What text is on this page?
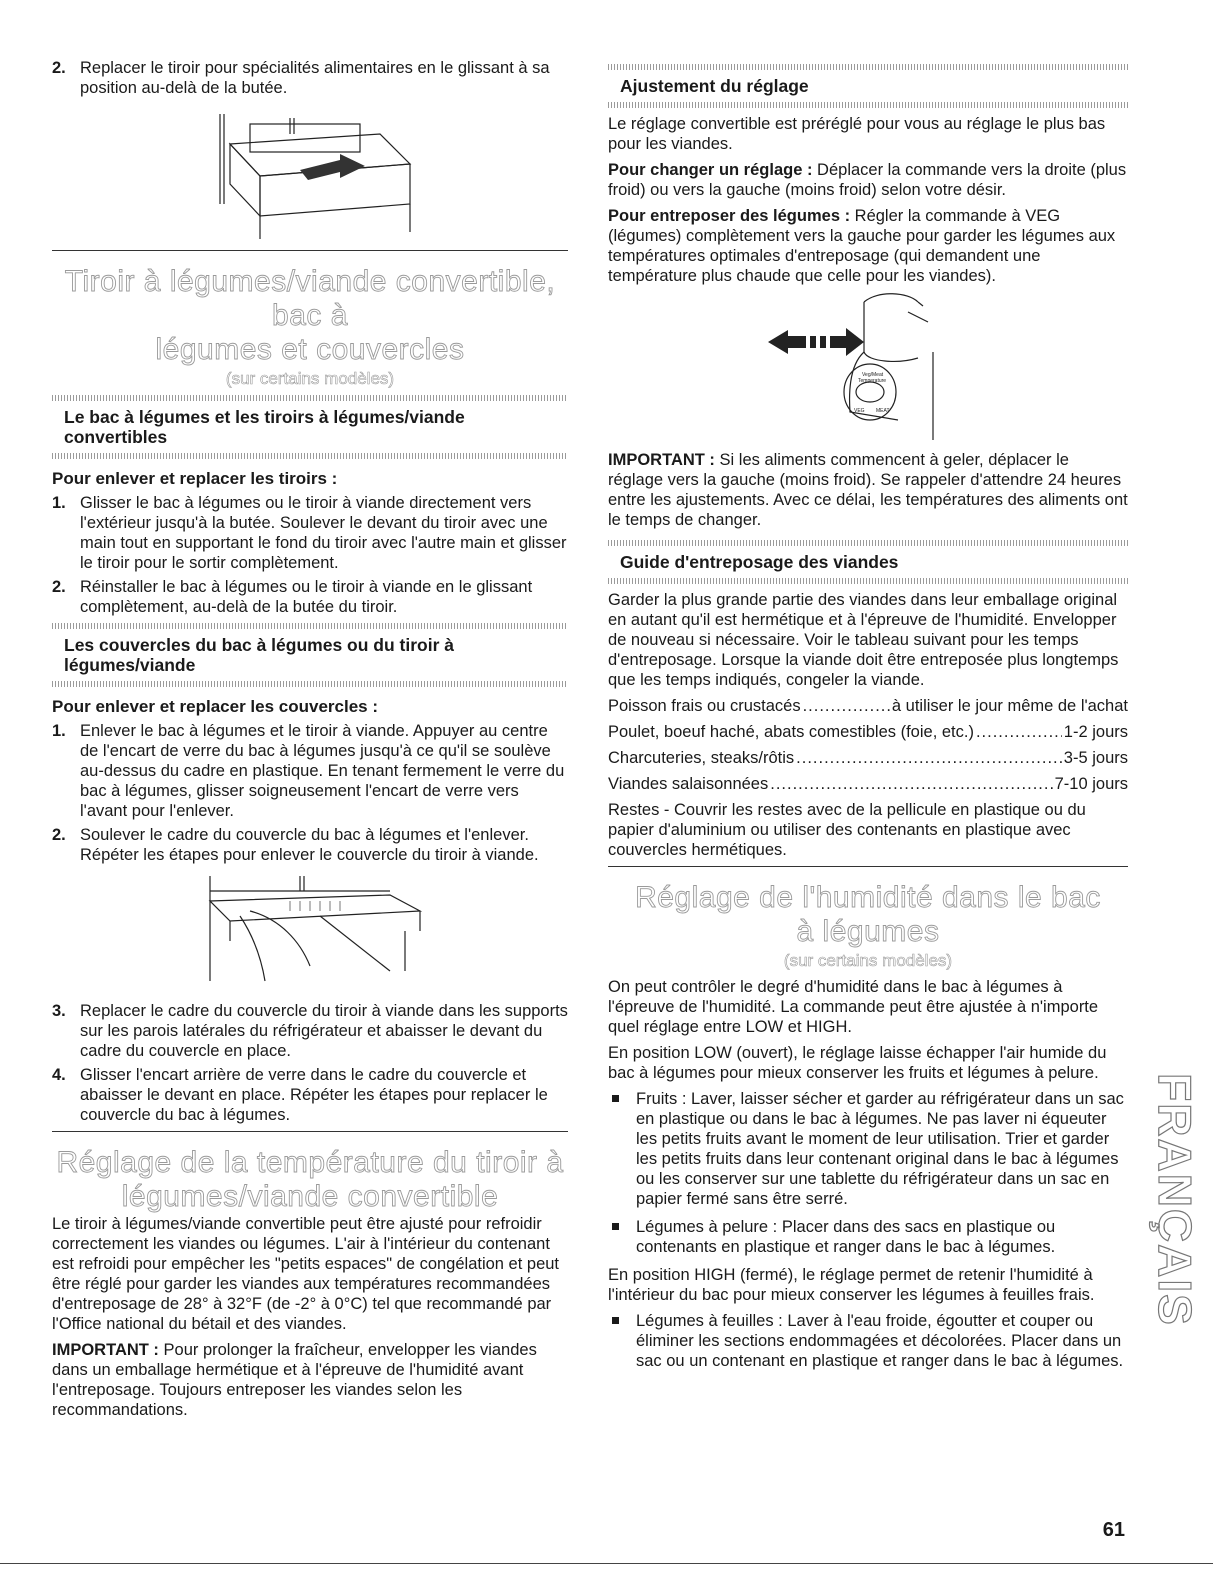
2. Replacer le tiroir pour spécialités alimentaires en le glissant à sa position au-delà de la butée.
Tiroir à légumes/viande convertible, bac à
légumes et couvercles
(sur certains modèles)
Le bac à légumes et les tiroirs à légumes/viande convertibles
Pour enlever et replacer les tiroirs :
1. Glisser le bac à légumes ou le tiroir à viande directement vers l'extérieur jusqu'à la butée. Soulever le devant du tiroir avec une main tout en supportant le fond du tiroir avec l'autre main et glisser le tiroir pour le sortir complètement.
2. Réinstaller le bac à légumes ou le tiroir à viande en le glissant complètement, au-delà de la butée du tiroir.
Les couvercles du bac à légumes ou du tiroir à légumes/viande
Pour enlever et replacer les couvercles :
1. Enlever le bac à légumes et le tiroir à viande. Appuyer au centre de l'encart de verre du bac à légumes jusqu'à ce qu'il se soulève au-dessus du cadre en plastique. En tenant fermement le verre du bac à légumes, glisser soigneusement l'encart de verre vers l'avant pour l'enlever.
2. Soulever le cadre du couvercle du bac à légumes et l'enlever. Répéter les étapes pour enlever le couvercle du tiroir à viande.
3. Replacer le cadre du couvercle du tiroir à viande dans les supports sur les parois latérales du réfrigérateur et abaisser le devant du cadre du couvercle en place.
4. Glisser l'encart arrière de verre dans le cadre du couvercle et abaisser le devant en place. Répéter les étapes pour replacer le couvercle du bac à légumes.
Réglage de la température du tiroir à
légumes/viande convertible

Le tiroir à légumes/viande convertible peut être ajusté pour refroidir correctement les viandes ou légumes. L'air à l'intérieur du contenant est refroidi pour empêcher les "petits espaces" de congélation et peut être réglé pour garder les viandes aux températures recommandées d'entreposage de 28° à 32°F (de -2° à 0°C) tel que recommandé par l'Office national du bétail et des viandes.

IMPORTANT : Pour prolonger la fraîcheur, envelopper les viandes dans un emballage hermétique et à l'épreuve de l'humidité avant l'entreposage. Toujours entreposer les viandes selon les recommandations.

Ajustement du réglage

Le réglage convertible est préréglé pour vous au réglage le plus bas pour les viandes.

Pour changer un réglage : Déplacer la commande vers la droite (plus froid) ou vers la gauche (moins froid) selon votre désir.

Pour entreposer des légumes : Régler la commande à VEG (légumes) complètement vers la gauche pour garder les légumes aux températures optimales d'entreposage (qui demandent une température plus chaude que celle pour les viandes).

Veg/Meat
Temperature
VEG MEAT

IMPORTANT : Si les aliments commencent à geler, déplacer le réglage vers la gauche (moins froid). Se rappeler d'attendre 24 heures entre les ajustements. Avec ce délai, les températures des aliments ont le temps de changer.

Guide d'entreposage des viandes

Garder la plus grande partie des viandes dans leur emballage original en autant qu'il est hermétique et à l'épreuve de l'humidité. Envelopper de nouveau si nécessaire. Voir le tableau suivant pour les temps d'entreposage. Lorsque la viande doit être entreposée plus longtemps que les temps indiqués, congeler la viande.

Poisson frais ou crustacés .....	à utiliser le jour même de l'achat
Poulet, boeuf haché, abats comestibles (foie, etc.) .....	1-2 jours
Charcuteries, steaks/rôtis .....	3-5 jours
Viandes salaisonnées .....	7-10 jours

Restes - Couvrir les restes avec de la pellicule en plastique ou du papier d'aluminium ou utiliser des contenants en plastique avec couvercles hermétiques.

Réglage de l'humidité dans le bac
à légumes
(sur certains modèles)

On peut contrôler le degré d'humidité dans le bac à légumes à l'épreuve de l'humidité. La commande peut être ajustée à n'importe quel réglage entre LOW et HIGH.

En position LOW (ouvert), le réglage laisse échapper l'air humide du bac à légumes pour mieux conserver les fruits et légumes à pelure.

Fruits : Laver, laisser sécher et garder au réfrigérateur dans un sac en plastique ou dans le bac à légumes. Ne pas laver ni équeuter les petits fruits avant le moment de leur utilisation. Trier et garder les petits fruits dans leur contenant original dans le bac à légumes ou les conserver sur une tablette du réfrigérateur dans un sac en papier fermé sans être serré.
Légumes à pelure : Placer dans des sacs en plastique ou contenants en plastique et ranger dans le bac à légumes.

En position HIGH (fermé), le réglage permet de retenir l'humidité à l'intérieur du bac pour mieux conserver les légumes à feuilles frais.

Légumes à feuilles : Laver à l'eau froide, égoutter et couper ou éliminer les sections endommagées et décolorées. Placer dans un sac ou un contenant en plastique et ranger dans le bac à légumes.
FRANÇAIS
61
